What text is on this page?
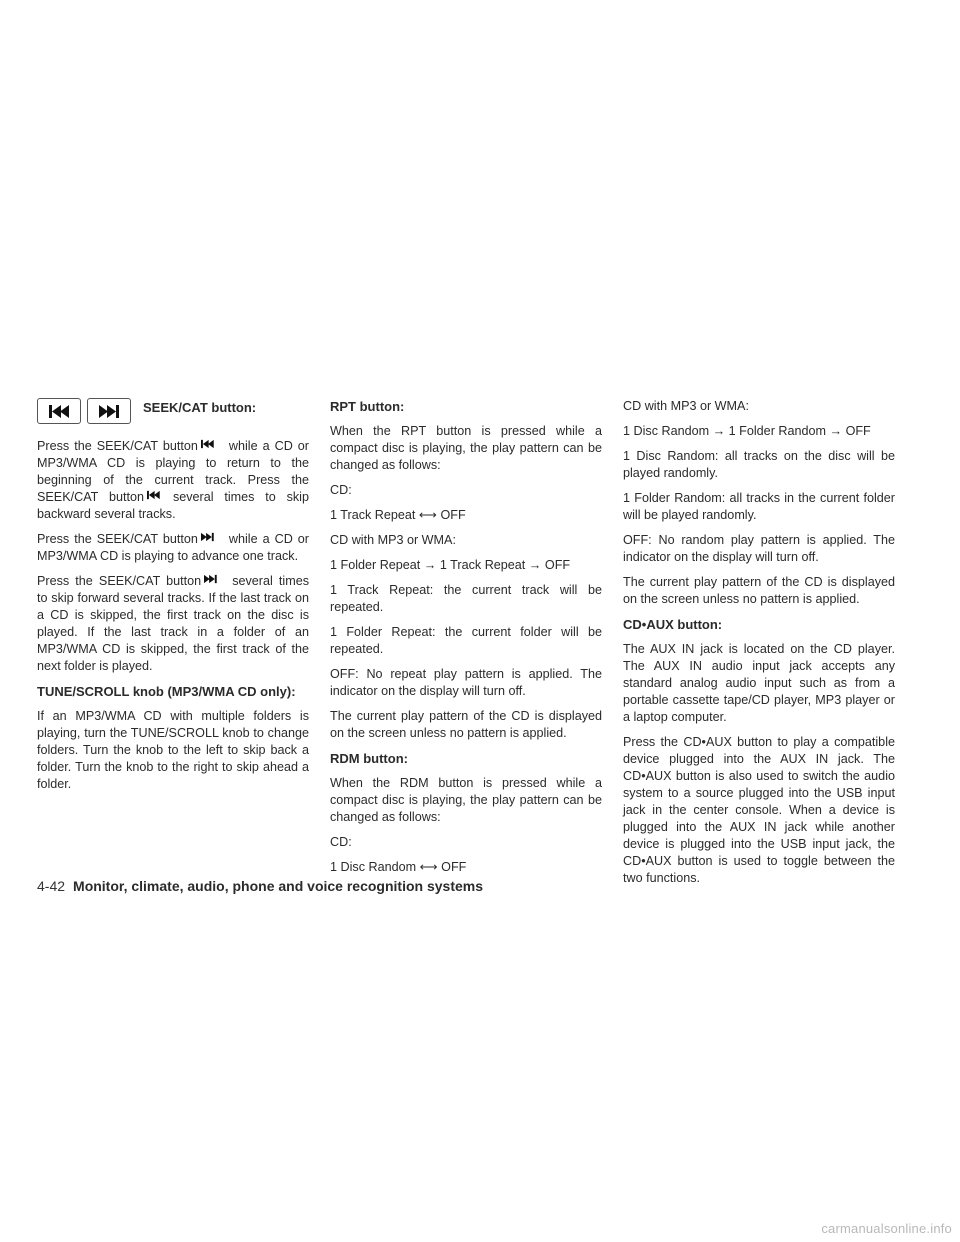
SEEK/CAT button:

Press the SEEK/CAT button while a CD or MP3/WMA CD is playing to return to the beginning of the current track. Press the SEEK/CAT button several times to skip backward several tracks.

Press the SEEK/CAT button while a CD or MP3/WMA CD is playing to advance one track.

Press the SEEK/CAT button several times to skip forward several tracks. If the last track on a CD is skipped, the first track on the disc is played. If the last track in a folder of an MP3/WMA CD is skipped, the first track of the next folder is played.

TUNE/SCROLL knob (MP3/WMA CD only):

If an MP3/WMA CD with multiple folders is playing, turn the TUNE/SCROLL knob to change folders. Turn the knob to the left to skip back a folder. Turn the knob to the right to skip ahead a folder.

RPT button:

When the RPT button is pressed while a compact disc is playing, the play pattern can be changed as follows:

CD:

1 Track Repeat ⟷ OFF

CD with MP3 or WMA:

1 Folder Repeat → 1 Track Repeat → OFF

1 Track Repeat: the current track will be repeated.

1 Folder Repeat: the current folder will be repeated.

OFF: No repeat play pattern is applied. The indicator on the display will turn off.

The current play pattern of the CD is displayed on the screen unless no pattern is applied.

RDM button:

When the RDM button is pressed while a compact disc is playing, the play pattern can be changed as follows:

CD:

1 Disc Random ⟷ OFF

CD with MP3 or WMA:

1 Disc Random → 1 Folder Random → OFF

1 Disc Random: all tracks on the disc will be played randomly.

1 Folder Random: all tracks in the current folder will be played randomly.

OFF: No random play pattern is applied. The indicator on the display will turn off.

The current play pattern of the CD is displayed on the screen unless no pattern is applied.

CD•AUX button:

The AUX IN jack is located on the CD player. The AUX IN audio input jack accepts any standard analog audio input such as from a portable cassette tape/CD player, MP3 player or a laptop computer.

Press the CD•AUX button to play a compatible device plugged into the AUX IN jack. The CD•AUX button is also used to switch the audio system to a source plugged into the USB input jack in the center console. When a device is plugged into the AUX IN jack while another device is plugged into the USB input jack, the CD•AUX button is used to toggle between the two functions.

4-42 Monitor, climate, audio, phone and voice recognition systems
carmanualsonline.info
